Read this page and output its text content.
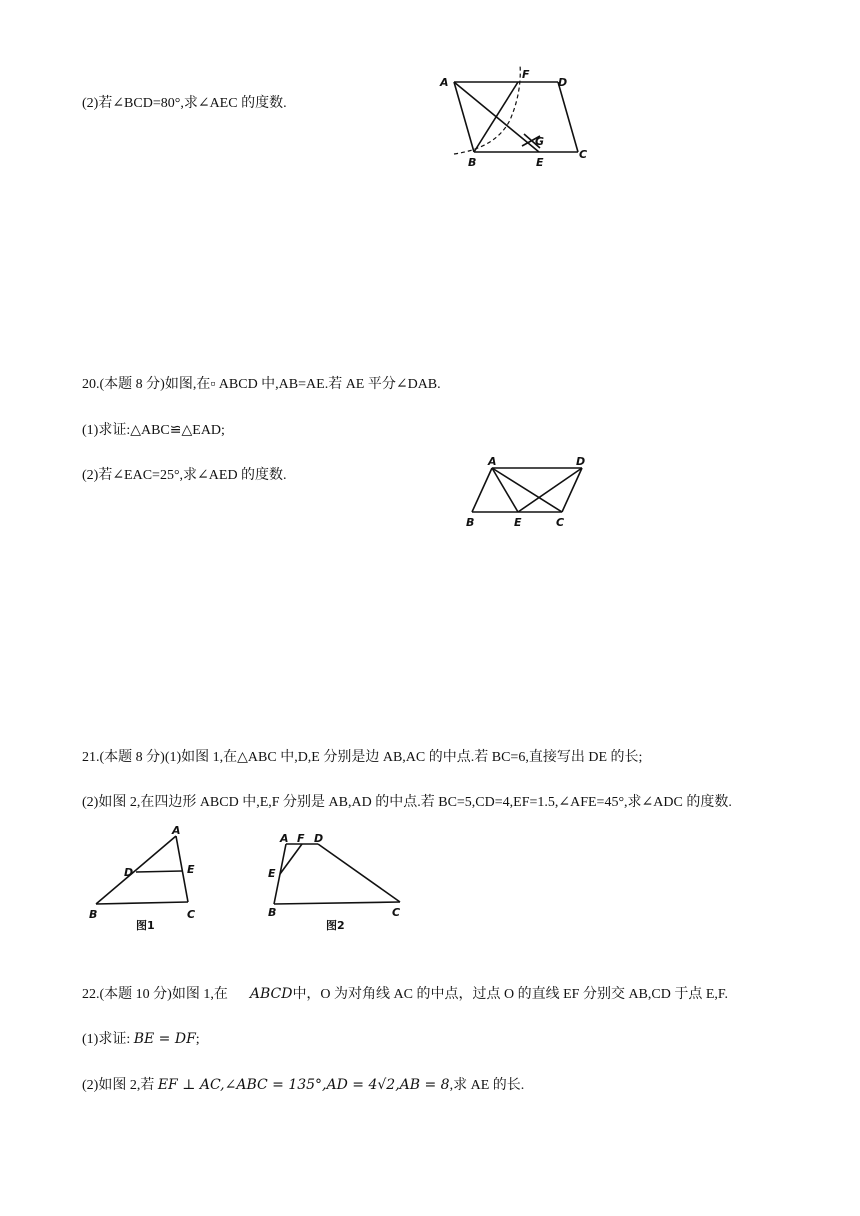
(2)若∠BCD=80°,求∠AEC 的度数.
A
F
D
G
B	E
C
20.(本题 8 分)如图,在▫ ABCD 中,AB=AE.若 AE 平分∠DAB.
(1)求证:△ABC≌△EAD;
(2)若∠EAC=25°,求∠AED 的度数.
A	D
B	E	C
21.(本题 8 分)(1)如图 1,在△ABC 中,D,E 分别是边 AB,AC 的中点.若 BC=6,直接写出 DE 的长;
(2)如图 2,在四边形 ABCD 中,E,F 分别是 AB,AD 的中点.若 BC=5,CD=4,EF=1.5,∠AFE=45°,求∠ADC 的度数.
A
D	E
B	C
图1
A F D
E
B	C
图2
22.(本题 10 分)如图 1,在 ABCD中，O 为对角线 AC 的中点，过点 O 的直线 EF 分别交 AB,CD 于点 E,F.
(1)求证: BE = DF;
(2)如图 2,若 EF ⊥ AC,∠ABC = 135°,AD = 4√2,AB = 8,求 AE 的长.
